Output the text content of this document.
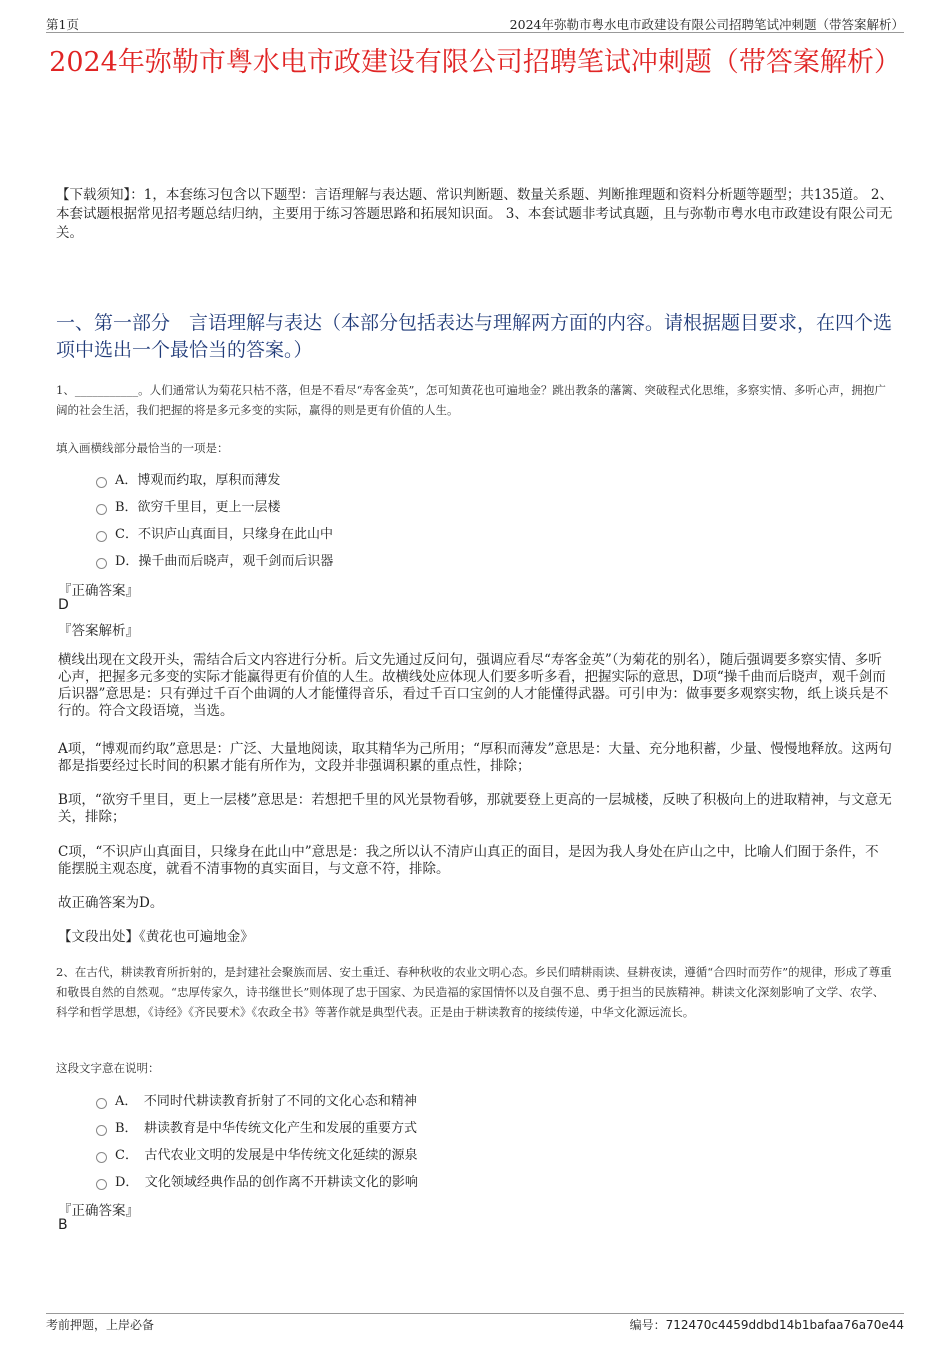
第1页	2024年弥勒市粤水电市政建设有限公司招聘笔试冲刺题（带答案解析）
2024年弥勒市粤水电市政建设有限公司招聘笔试冲刺题（带答案解析）
【下载须知】：1，本套练习包含以下题型：言语理解与表达题、常识判断题、数量关系题、判断推理题和资料分析题等题型；共135道。 2、本套试题根据常见招考题总结归纳，主要用于练习答题思路和拓展知识面。 3、本套试题非考试真题，且与弥勒市粤水电市政建设有限公司无关。
一、第一部分　言语理解与表达（本部分包括表达与理解两方面的内容。请根据题目要求，在四个选项中选出一个最恰当的答案。）
1、___________。人们通常认为菊花只枯不落，但是不看尽“寿客金英”，怎可知黄花也可遍地金？跳出教条的藩篱、突破程式化思维，多察实情、多听心声，拥抱广阔的社会生活，我们把握的将是多元多变的实际，赢得的则是更有价值的人生。
填入画横线部分最恰当的一项是：
A．博观而约取，厚积而薄发
B．欲穷千里目，更上一层楼
C．不识庐山真面目，只缘身在此山中
D．操千曲而后晓声，观千剑而后识器
『正确答案』
D
『答案解析』
横线出现在文段开头，需结合后文内容进行分析。后文先通过反问句，强调应看尽“寿客金英”（为菊花的别名），随后强调要多察实情、多听心声，把握多元多变的实际才能赢得更有价值的人生。故横线处应体现人们要多听多看，把握实际的意思，D项“操千曲而后晓声，观千剑而后识器”意思是：只有弹过千百个曲调的人才能懂得音乐，看过千百口宝剑的人才能懂得武器。可引申为：做事要多观察实物，纸上谈兵是不行的。符合文段语境，当选。
A项，“博观而约取”意思是：广泛、大量地阅读，取其精华为己所用；“厚积而薄发”意思是：大量、充分地积蓄，少量、慢慢地释放。这两句都是指要经过长时间的积累才能有所作为，文段并非强调积累的重点性，排除；
B项，“欲穷千里目，更上一层楼”意思是：若想把千里的风光景物看够，那就要登上更高的一层城楼，反映了积极向上的进取精神，与文意无关，排除；
C项，“不识庐山真面目，只缘身在此山中”意思是：我之所以认不清庐山真正的面目，是因为我人身处在庐山之中，比喻人们囿于条件，不能摆脱主观态度，就看不清事物的真实面目，与文意不符，排除。
故正确答案为D。
【文段出处】《黄花也可遍地金》
2、在古代，耕读教育所折射的，是封建社会聚族而居、安土重迁、春种秋收的农业文明心态。乡民们晴耕雨读、昼耕夜读，遵循“合四时而劳作”的规律，形成了尊重和敬畏自然的自然观。“忠厚传家久，诗书继世长”则体现了忠于国家、为民造福的家国情怀以及自强不息、勇于担当的民族精神。耕读文化深刻影响了文学、农学、科学和哲学思想，《诗经》《齐民要术》《农政全书》等著作就是典型代表。正是由于耕读教育的接续传递，中华文化源远流长。
这段文字意在说明：
A．　不同时代耕读教育折射了不同的文化心态和精神
B．　耕读教育是中华传统文化产生和发展的重要方式
C．　古代农业文明的发展是中华传统文化延续的源泉
D．　文化领域经典作品的创作离不开耕读文化的影响
『正确答案』
B
考前押题，上岸必备	编号：712470c4459ddbd14b1bafaa76a70e44
